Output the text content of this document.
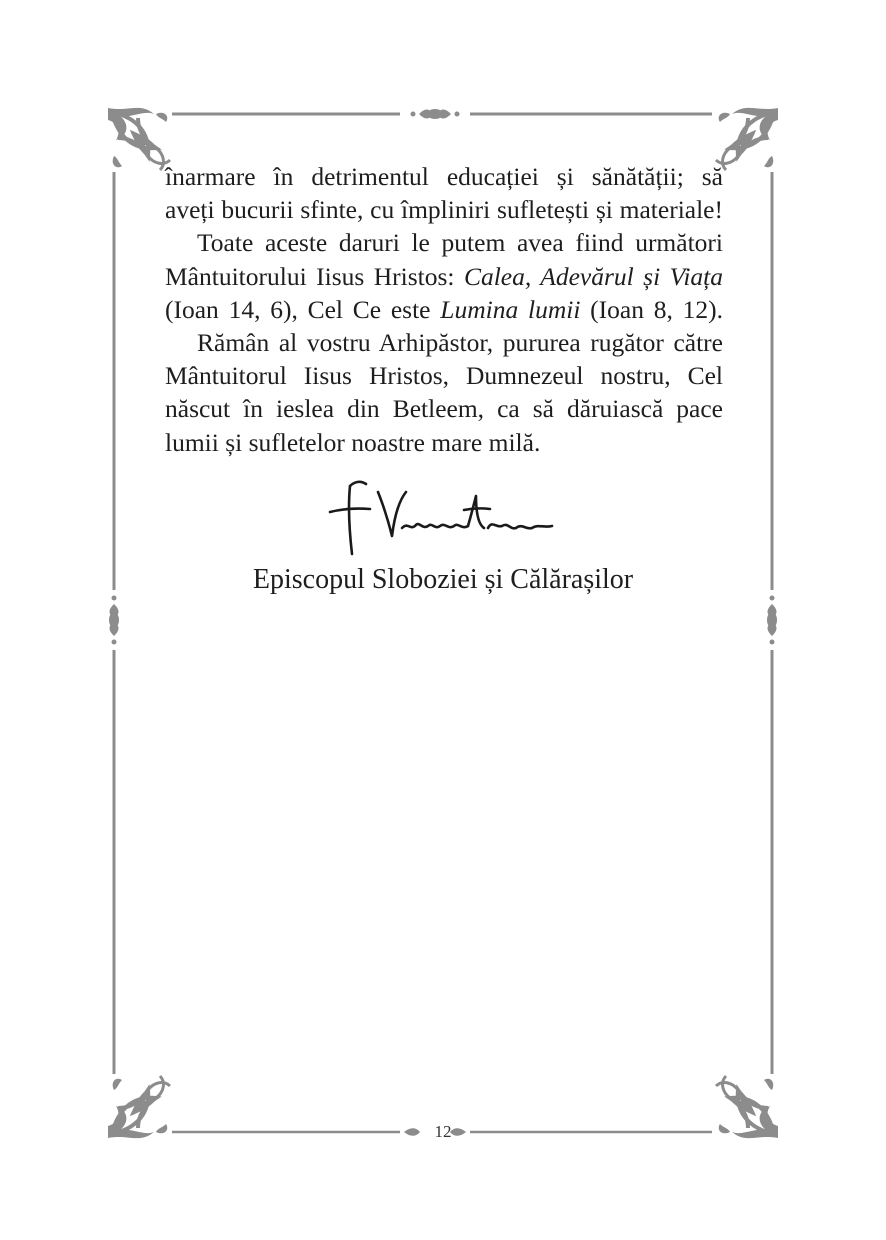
înarmare în detrimentul educației și sănătății; să
aveți bucurii sfinte, cu împliniri sufletești și materiale!
Toate aceste daruri le putem avea fiind următori
Mântuitorului Iisus Hristos: Calea, Adevărul și Viața
(Ioan 14, 6), Cel Ce este Lumina lumii (Ioan 8, 12).
Rămân al vostru Arhipăstor, pururea rugător către
Mântuitorul Iisus Hristos, Dumnezeul nostru, Cel
născut în ieslea din Betleem, ca să dăruiască pace
lumii și sufletelor noastre mare milă.
Episcopul Sloboziei și Călărașilor
12
